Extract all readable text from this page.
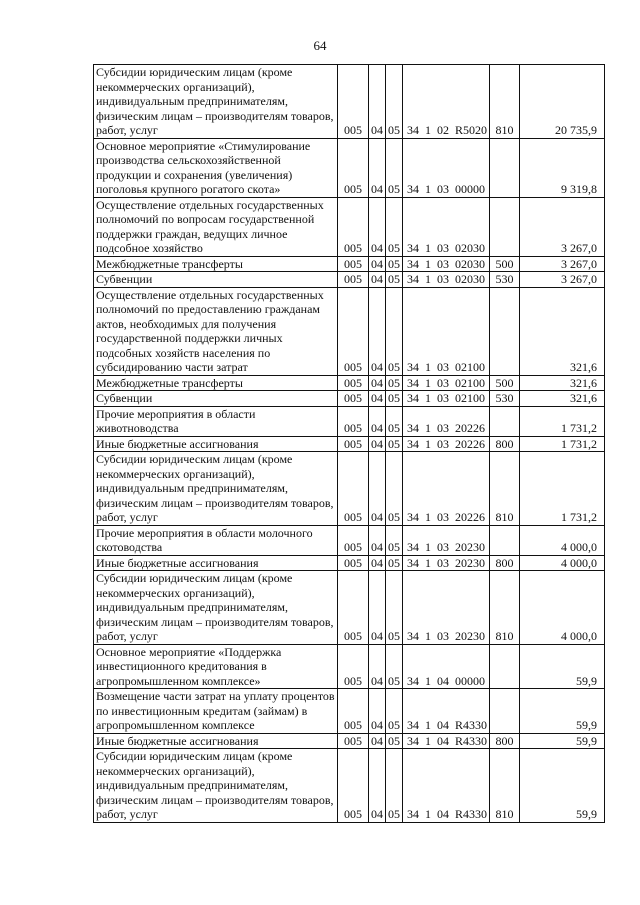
64
Субсидии юридическим лицам (кроме некоммерческих организаций), индивидуальным предпринимателям, физическим лицам – производителям товаров, работ, услуг	005	04	05	34  1  02  R5020	810	20 735,9
Основное мероприятие «Стимулирование производства сельскохозяйственной продукции и сохранения (увеличения) поголовья крупного рогатого скота»	005	04	05	34  1  03  00000		9 319,8
Осуществление отдельных государственных полномочий по вопросам государственной поддержки граждан, ведущих личное подсобное хозяйство	005	04	05	34  1  03  02030		3 267,0
Межбюджетные трансферты	005	04	05	34  1  03  02030	500	3 267,0
Субвенции	005	04	05	34  1  03  02030	530	3 267,0
Осуществление отдельных государственных полномочий по предоставлению гражданам актов, необходимых для получения государственной поддержки личных подсобных хозяйств населения по субсидированию части затрат	005	04	05	34  1  03  02100		321,6
Межбюджетные трансферты	005	04	05	34  1  03  02100	500	321,6
Субвенции	005	04	05	34  1  03  02100	530	321,6
Прочие мероприятия в области животноводства	005	04	05	34  1  03  20226		1 731,2
Иные бюджетные ассигнования	005	04	05	34  1  03  20226	800	1 731,2
Субсидии юридическим лицам (кроме некоммерческих организаций), индивидуальным предпринимателям, физическим лицам – производителям товаров, работ, услуг	005	04	05	34  1  03  20226	810	1 731,2
Прочие мероприятия в области молочного скотоводства	005	04	05	34  1  03  20230		4 000,0
Иные бюджетные ассигнования	005	04	05	34  1  03  20230	800	4 000,0
Субсидии юридическим лицам (кроме некоммерческих организаций), индивидуальным предпринимателям, физическим лицам – производителям товаров, работ, услуг	005	04	05	34  1  03  20230	810	4 000,0
Основное мероприятие «Поддержка инвестиционного кредитования в агропромышленном комплексе»	005	04	05	34  1  04  00000		59,9
Возмещение части затрат на уплату процентов по инвестиционным кредитам (займам) в агропромышленном комплексе	005	04	05	34  1  04  R4330		59,9
Иные бюджетные ассигнования	005	04	05	34  1  04  R4330	800	59,9
Субсидии юридическим лицам (кроме некоммерческих организаций), индивидуальным предпринимателям, физическим лицам – производителям товаров, работ, услуг	005	04	05	34  1  04  R4330	810	59,9
